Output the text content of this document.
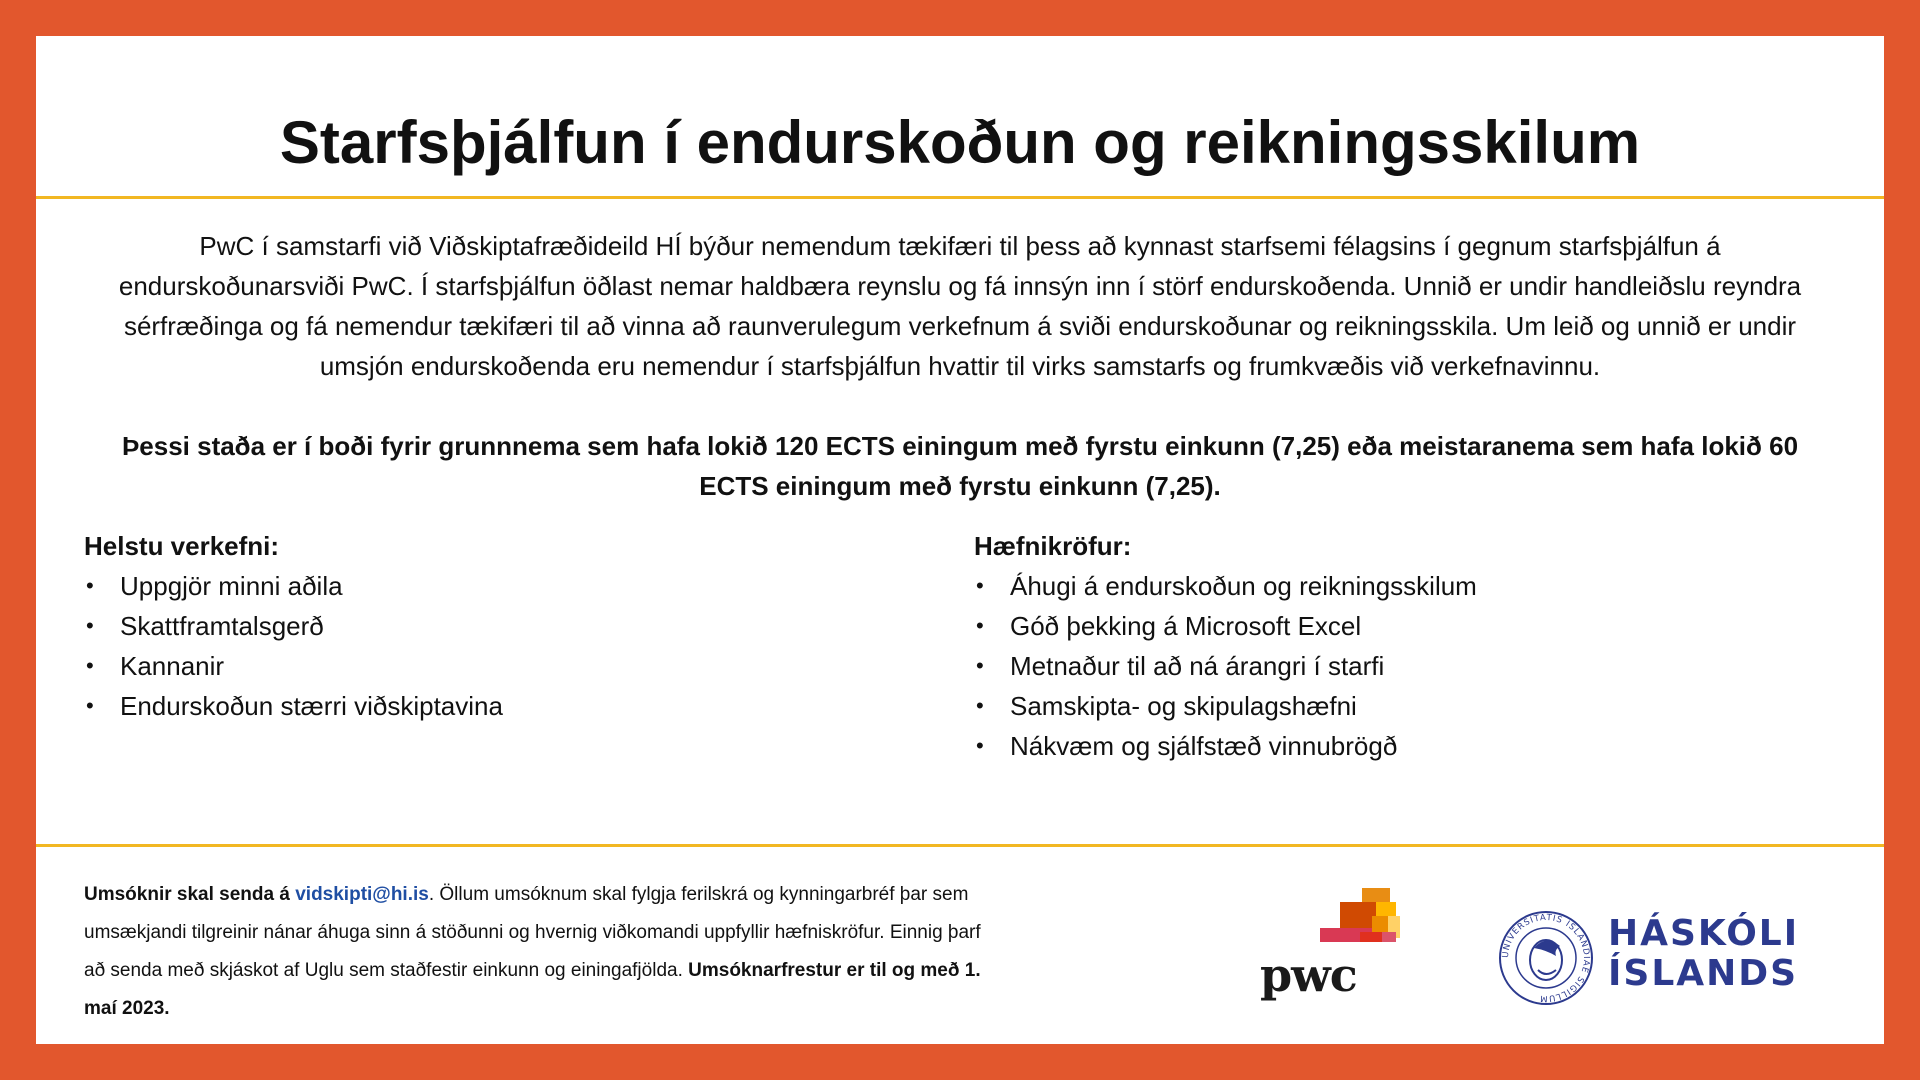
Starfsþjálfun í endurskoðun og reikningsskilum

PwC í samstarfi við Viðskiptafræðideild HÍ býður nemendum tækifæri til þess að kynnast starfsemi félagsins í gegnum starfsþjálfun á endurskoðunarsviði PwC. Í starfsþjálfun öðlast nemar haldbæra reynslu og fá innsýn inn í störf endurskoðenda. Unnið er undir handleiðslu reyndra sérfræðinga og fá nemendur tækifæri til að vinna að raunverulegum verkefnum á sviði endurskoðunar og reikningsskila. Um leið og unnið er undir umsjón endurskoðenda eru nemendur í starfsþjálfun hvattir til virks samstarfs og frumkvæðis við verkefnavinnu.

Þessi staða er í boði fyrir grunnnema sem hafa lokið 120 ECTS einingum með fyrstu einkunn (7,25) eða meistaranema sem hafa lokið 60 ECTS einingum með fyrstu einkunn (7,25).

Helstu verkefni:
• Uppgjör minni aðila
• Skattframtalsgerð
• Kannanir
• Endurskoðun stærri viðskiptavina
Hæfnikröfur:
• Áhugi á endurskoðun og reikningsskilum
• Góð þekking á Microsoft Excel
• Metnaður til að ná árangri í starfi
• Samskipta- og skipulagshæfni
• Nákvæm og sjálfstæð vinnubrögð

Umsóknir skal senda á vidskipti@hi.is. Öllum umsóknum skal fylgja ferilskrá og kynningarbréf þar sem umsækjandi tilgreinir nánar áhuga sinn á stöðunni og hvernig viðkomandi uppfyllir hæfniskröfur. Einnig þarf að senda með skjáskot af Uglu sem staðfestir einkunn og einingafjölda. Umsóknarfrestur er til og með 1. maí 2023.

pwc	UNIVERSITATIS ISLANDIAE SIGILLUM
HÁSKÓLI
ÍSLANDS
